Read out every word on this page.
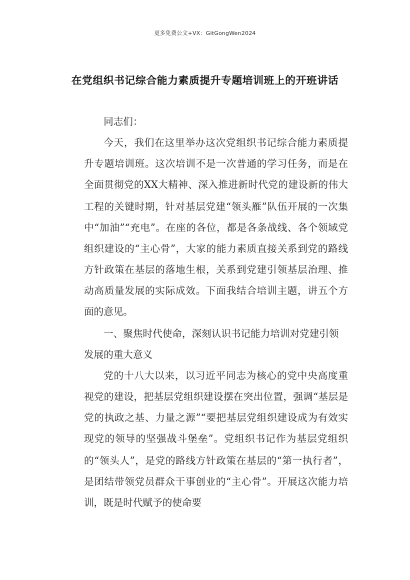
更多免费公文+VX：GitGongWen2024
在党组织书记综合能力素质提升专题培训班上的开班讲话

同志们：

今天，我们在这里举办这次党组织书记综合能力素质提升专题培训班。这次培训不是一次普通的学习任务，而是在全面贯彻党的XX大精神、深入推进新时代党的建设新的伟大工程的关键时期，针对基层党建“领头雁”队伍开展的一次集中“加油”“充电”。在座的各位，都是各条战线、各个领域党组织建设的“主心骨”，大家的能力素质直接关系到党的路线方针政策在基层的落地生根，关系到党建引领基层治理、推动高质量发展的实际成效。下面我结合培训主题，讲五个方面的意见。

一、聚焦时代使命，深刻认识书记能力培训对党建引领发展的重大意义

党的十八大以来，以习近平同志为核心的党中央高度重视党的建设，把基层党组织建设摆在突出位置，强调“基层是党的执政之基、力量之源”“要把基层党组织建设成为有效实现党的领导的坚强战斗堡垒”。党组织书记作为基层党组织的“领头人”，是党的路线方针政策在基层的“第一执行者”，是团结带领党员群众干事创业的“主心骨”。开展这次能力培训，既是时代赋予的使命要
